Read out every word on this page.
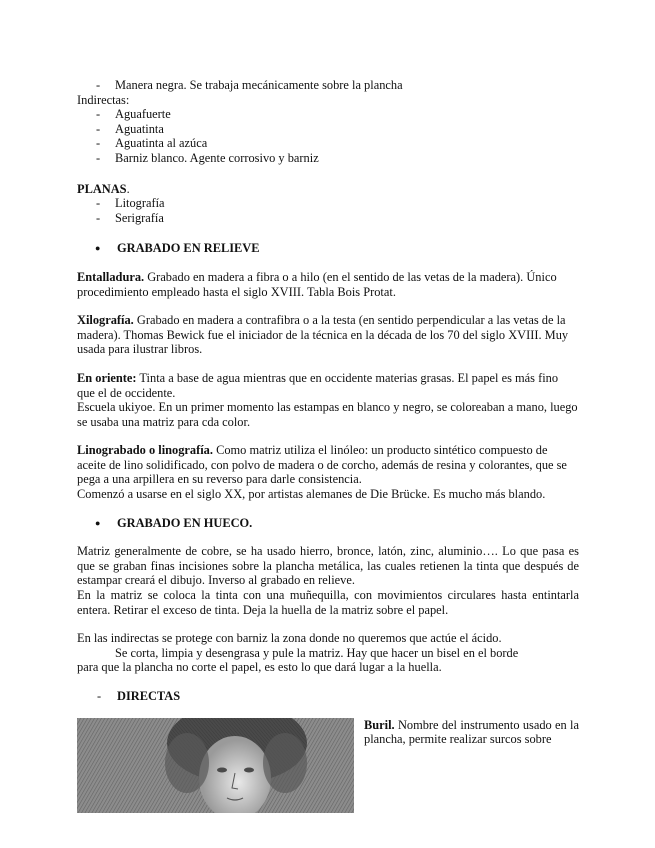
- Manera negra. Se trabaja mecánicamente sobre la plancha
Indirectas:
- Aguafuerte
- Aguatinta
- Aguatinta al azúca
- Barniz blanco. Agente corrosivo y barniz
PLANAS.
- Litografía
- Serigrafía
● GRABADO EN RELIEVE

Entalladura. Grabado en madera a fibra o a hilo (en el sentido de las vetas de la madera). Único procedimiento empleado hasta el siglo XVIII. Tabla Bois Protat.

Xilografía. Grabado en madera a contrafibra o a la testa (en sentido perpendicular a las vetas de la madera). Thomas Bewick fue el iniciador de la técnica en la década de los 70 del siglo XVIII. Muy usada para ilustrar libros.

En oriente: Tinta a base de agua mientras que en occidente materias grasas. El papel es más fino que el de occidente.

Escuela ukiyoe. En un primer momento las estampas en blanco y negro, se coloreaban a mano, luego se usaba una matriz para cda color.

Linograbado o linografía. Como matriz utiliza el linóleo: un producto sintético compuesto de aceite de lino solidificado, con polvo de madera o de corcho, además de resina y colorantes, que se pega a una arpillera en su reverso para darle consistencia.

Comenzó a usarse en el siglo XX, por artistas alemanes de Die Brücke. Es mucho más blando.

● GRABADO EN HUECO.

Matriz generalmente de cobre, se ha usado hierro, bronce, latón, zinc, aluminio…. Lo que pasa es que se graban finas incisiones sobre la plancha metálica, las cuales retienen la tinta que después de estampar creará el dibujo. Inverso al grabado en relieve.

En la matriz se coloca la tinta con una muñequilla, con movimientos circulares hasta entintarla entera. Retirar el exceso de tinta. Deja la huella de la matriz sobre el papel.

En las indirectas se protege con barniz la zona donde no queremos que actúe el ácido.

Se corta, limpia y desengrasa y pule la matriz. Hay que hacer un bisel en el borde

para que la plancha no corte el papel, es esto lo que dará lugar a la huella.

- DIRECTAS

Buril. Nombre del instrumento usado en la plancha, permite realizar surcos sobre
